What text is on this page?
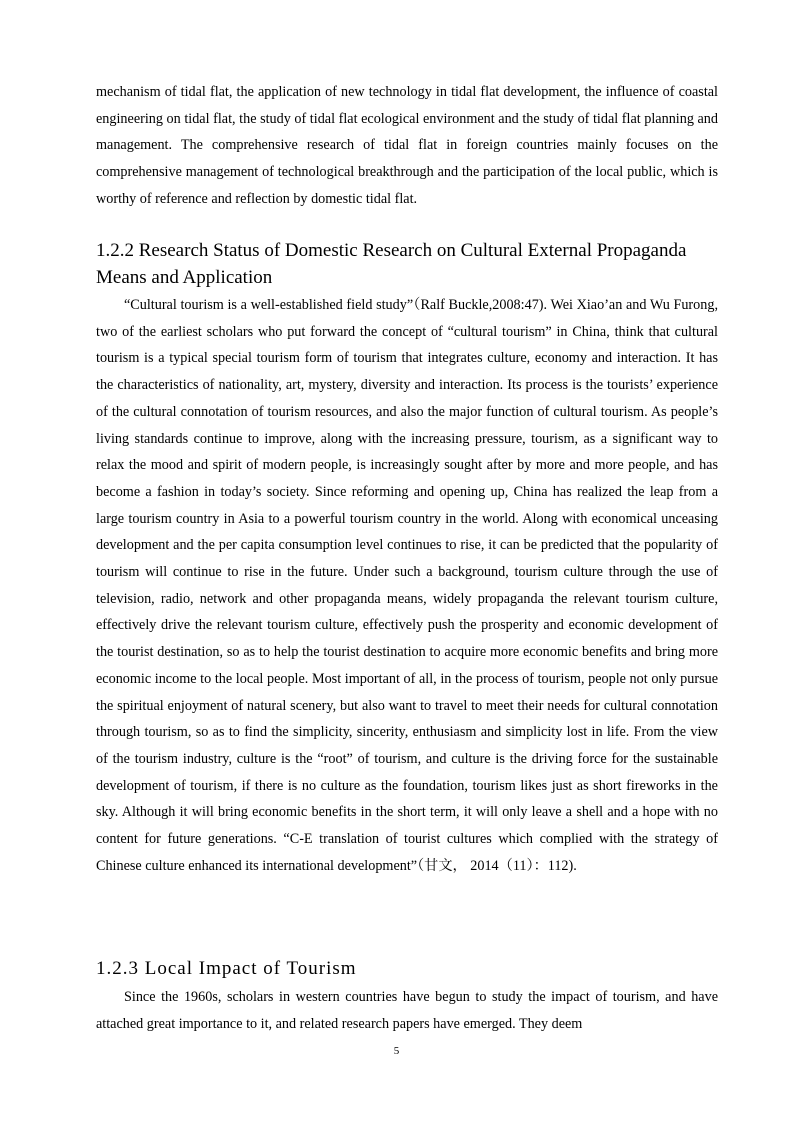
mechanism of tidal flat, the application of new technology in tidal flat development, the influence of coastal engineering on tidal flat, the study of tidal flat ecological environment and the study of tidal flat planning and management. The comprehensive research of tidal flat in foreign countries mainly focuses on the comprehensive management of technological breakthrough and the participation of the local public, which is worthy of reference and reflection by domestic tidal flat.

1.2.2 Research Status of Domestic Research on Cultural External Propaganda Means and Application

“Cultural tourism is a well-established field study”（Ralf Buckle,2008:47). Wei Xiao’an and Wu Furong, two of the earliest scholars who put forward the concept of “cultural tourism” in China, think that cultural tourism is a typical special tourism form of tourism that integrates culture, economy and interaction. It has the characteristics of nationality, art, mystery, diversity and interaction. Its process is the tourists’ experience of the cultural connotation of tourism resources, and also the major function of cultural tourism. As people’s living standards continue to improve, along with the increasing pressure, tourism, as a significant way to relax the mood and spirit of modern people, is increasingly sought after by more and more people, and has become a fashion in today’s society. Since reforming and opening up, China has realized the leap from a large tourism country in Asia to a powerful tourism country in the world. Along with economical unceasing development and the per capita consumption level continues to rise, it can be predicted that the popularity of tourism will continue to rise in the future. Under such a background, tourism culture through the use of television, radio, network and other propaganda means, widely propaganda the relevant tourism culture, effectively drive the relevant tourism culture, effectively push the prosperity and economic development of the tourist destination, so as to help the tourist destination to acquire more economic benefits and bring more economic income to the local people. Most important of all, in the process of tourism, people not only pursue the spiritual enjoyment of natural scenery, but also want to travel to meet their needs for cultural connotation through tourism, so as to find the simplicity, sincerity, enthusiasm and simplicity lost in life. From the view of the tourism industry, culture is the “root” of tourism, and culture is the driving force for the sustainable development of tourism, if there is no culture as the foundation, tourism likes just as short fireworks in the sky. Although it will bring economic benefits in the short term, it will only leave a shell and a hope with no content for future generations. “C-E translation of tourist cultures which complied with the strategy of Chinese culture enhanced its international development”（甘文， 2014（11）：112).

1.2.3 Local Impact of Tourism

Since the 1960s, scholars in western countries have begun to study the impact of tourism, and have attached great importance to it, and related research papers have emerged. They deem

5
